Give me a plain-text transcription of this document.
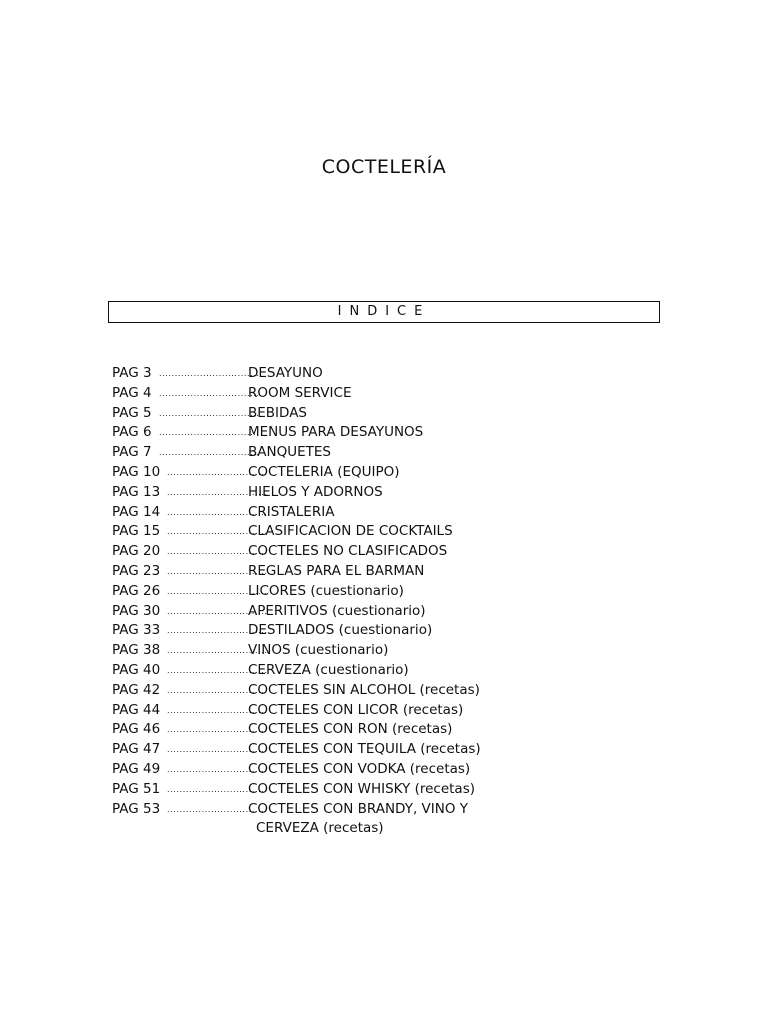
COCTELERÍA
INDICE
PAG 3 ................................
DESAYUNO
PAG 4 ................................
ROOM SERVICE
PAG 5 ................................
BEBIDAS
PAG 6 ................................
MENUS PARA DESAYUNOS
PAG 7 ................................
BANQUETES
PAG 10 ................................
COCTELERIA (EQUIPO)
PAG 13 ................................
HIELOS Y ADORNOS
PAG 14 ................................
CRISTALERIA
PAG 15 ................................
CLASIFICACION DE COCKTAILS
PAG 20 ................................
COCTELES NO CLASIFICADOS
PAG 23 ................................
REGLAS PARA EL BARMAN
PAG 26 ................................
LICORES (cuestionario)
PAG 30 ................................
APERITIVOS (cuestionario)
PAG 33 ................................
DESTILADOS (cuestionario)
PAG 38 ................................
VINOS (cuestionario)
PAG 40 ................................
CERVEZA (cuestionario)
PAG 42 ................................
COCTELES SIN ALCOHOL (recetas)
PAG 44 ................................
COCTELES CON LICOR (recetas)
PAG 46 ................................
COCTELES CON RON (recetas)
PAG 47 ................................
COCTELES CON TEQUILA (recetas)
PAG 49 ................................
COCTELES CON VODKA (recetas)
PAG 51 ................................
COCTELES CON WHISKY (recetas)
PAG 53 ................................
COCTELES CON BRANDY, VINO Y
CERVEZA (recetas)
